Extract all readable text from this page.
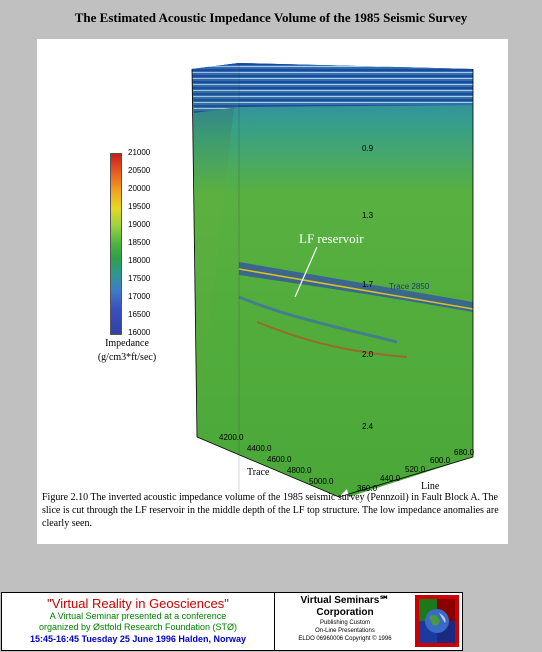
The Estimated Acoustic Impedance Volume of the 1985 Seismic Survey
21000
20500
20000
19500
19000
18500
18000
17500
17000
16500
16000
Impedance
(g/cm3*ft/sec)
0.9
1.3
1.7
2.0
2.4
LF reservoir
Trace 2850
4200.0
4400.0
4600.0
4800.0
5000.0
Trace
360.0
440.0
520.0
600.0
680.0
Line
Figure 2.10 The inverted acoustic impedance volume of the 1985 seismic survey (Pennzoil) in Fault Block A. The slice is cut through the LF reservoir in the middle depth of the LF top structure. The low impedance anomalies are clearly seen.
"Virtual Reality in Geosciences"
A Virtual Seminar presented at a conference
organized by Østfold Research Foundation (STØ)
15:45-16:45 Tuesday 25 June 1996 Halden, Norway
Virtual Seminars℠
Corporation
Publishing Custom
On-Line Presentations
ELDO 06960006 Copyright © 1996
